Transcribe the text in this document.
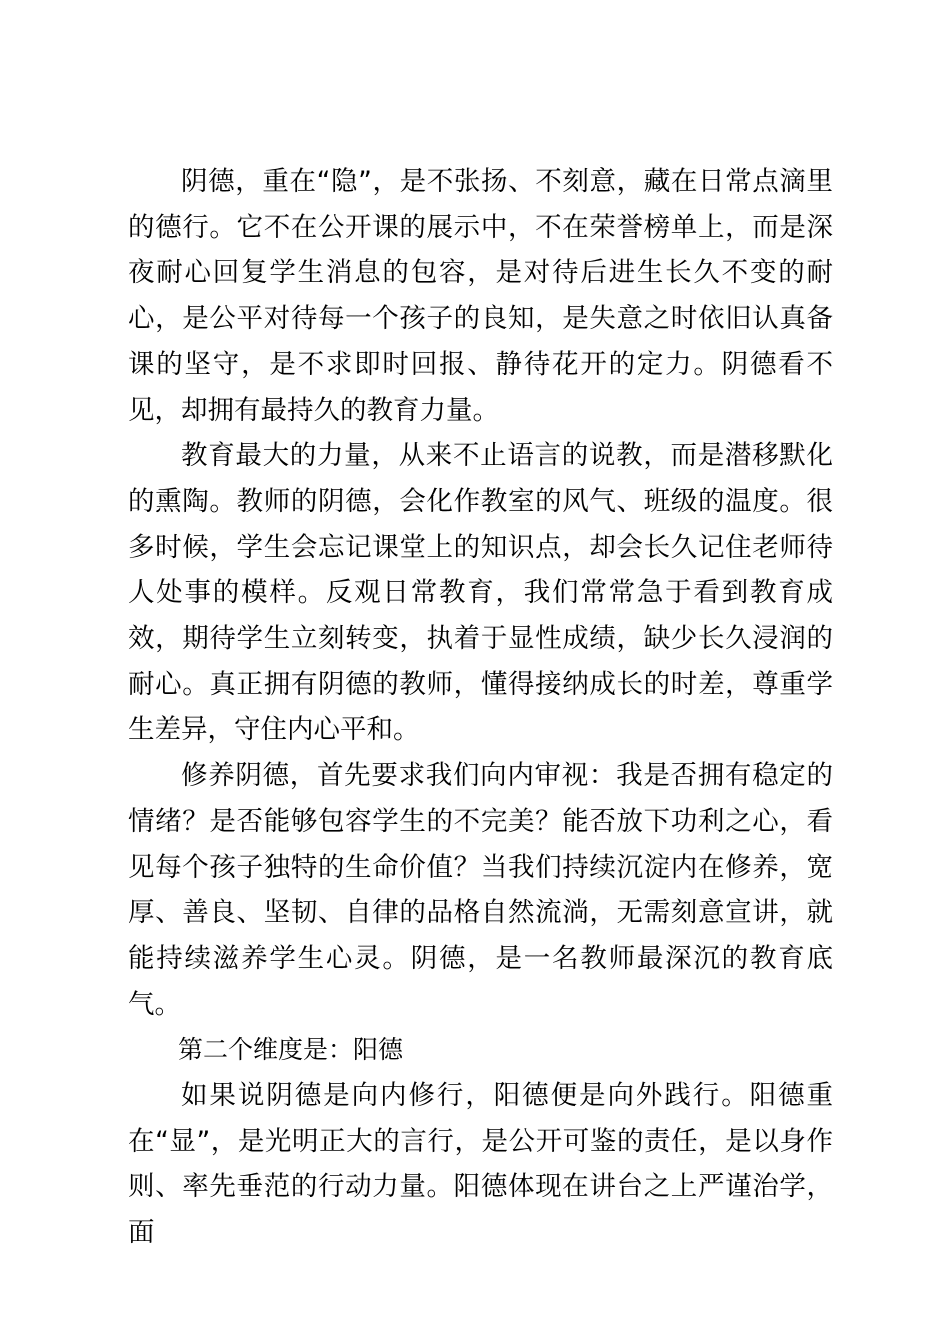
阴德，重在“隐”，是不张扬、不刻意，藏在日常点滴里的德行。它不在公开课的展示中，不在荣誉榜单上，而是深夜耐心回复学生消息的包容，是对待后进生长久不变的耐心，是公平对待每一个孩子的良知，是失意之时依旧认真备课的坚守，是不求即时回报、静待花开的定力。阴德看不见，却拥有最持久的教育力量。

教育最大的力量，从来不止语言的说教，而是潜移默化的熏陶。教师的阴德，会化作教室的风气、班级的温度。很多时候，学生会忘记课堂上的知识点，却会长久记住老师待人处事的模样。反观日常教育，我们常常急于看到教育成效，期待学生立刻转变，执着于显性成绩，缺少长久浸润的耐心。真正拥有阴德的教师，懂得接纳成长的时差，尊重学生差异，守住内心平和。

修养阴德，首先要求我们向内审视：我是否拥有稳定的情绪？是否能够包容学生的不完美？能否放下功利之心，看见每个孩子独特的生命价值？当我们持续沉淀内在修养，宽厚、善良、坚韧、自律的品格自然流淌，无需刻意宣讲，就能持续滋养学生心灵。阴德，是一名教师最深沉的教育底气。

第二个维度是：阳德

如果说阴德是向内修行，阳德便是向外践行。阳德重在“显”，是光明正大的言行，是公开可鉴的责任，是以身作则、率先垂范的行动力量。阳德体现在讲台之上严谨治学，面
